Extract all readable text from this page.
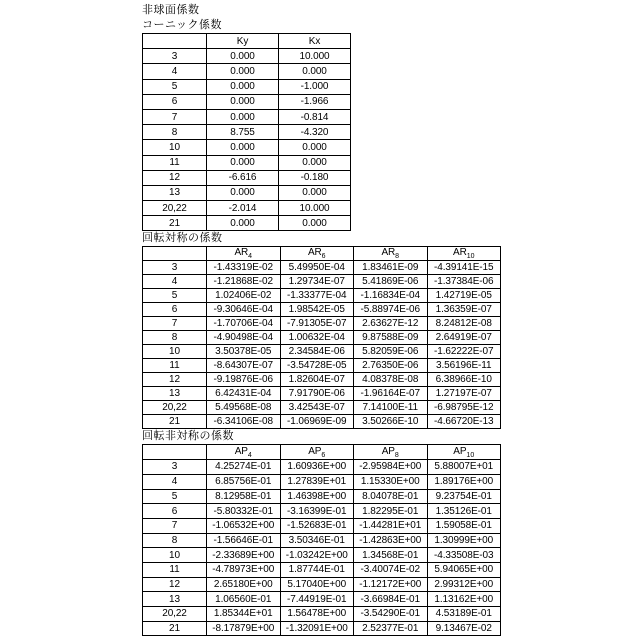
非球面係数
コーニック係数
	Ky	Kx
3	0.000	10.000
4	0.000	0.000
5	0.000	-1.000
6	0.000	-1.966
7	0.000	-0.814
8	8.755	-4.320
10	0.000	0.000
11	0.000	0.000
12	-6.616	-0.180
13	0.000	0.000
20,22	-2.014	10.000
21	0.000	0.000
回転対称の係数
	$AR_4$	$AR_6$	$AR_8$	$AR_{10}$
3	-1.43319E-02	5.49950E-04	1.83461E-09	-4.39141E-15
4	-1.21868E-02	1.29734E-07	5.41869E-06	-1.37384E-06
5	1.02406E-02	-1.33377E-04	-1.16834E-04	1.42719E-05
6	-9.30646E-04	1.98542E-05	-5.88974E-06	1.36359E-07
7	-1.70706E-04	-7.91305E-07	2.63627E-12	8.24812E-08
8	-4.90498E-04	1.00632E-04	9.87588E-09	2.64919E-07
10	3.50378E-05	2.34584E-06	5.82059E-06	-1.62222E-07
11	-8.64307E-07	-3.54728E-05	2.76350E-06	3.56196E-11
12	-9.19876E-06	1.82604E-07	4.08378E-08	6.38966E-10
13	6.42431E-04	7.91790E-06	-1.96164E-07	1.27197E-07
20,22	5.49568E-08	3.42543E-07	7.14100E-11	-6.98795E-12
21	-6.34106E-08	-1.06969E-09	3.50266E-10	-4.66720E-13
回転非対称の係数
	$AP_4$	$AP_6$	$AP_8$	$AP_{10}$
3	4.25274E-01	1.60936E+00	-2.95984E+00	5.88007E+01
4	6.85756E-01	1.27839E+01	1.15330E+00	1.89176E+00
5	8.12958E-01	1.46398E+00	8.04078E-01	9.23754E-01
6	-5.80332E-01	-3.16399E-01	1.82295E-01	1.35126E-01
7	-1.06532E+00	-1.52683E-01	-1.44281E+01	1.59058E-01
8	-1.56646E-01	3.50346E-01	-1.42863E+00	1.30999E+00
10	-2.33689E+00	-1.03242E+00	1.34568E-01	-4.33508E-03
11	-4.78973E+00	1.87744E-01	-3.40074E-02	5.94065E+00
12	2.65180E+00	5.17040E+00	-1.12172E+00	2.99312E+00
13	1.06560E-01	-7.44919E-01	-3.66984E-01	1.13162E+00
20,22	1.85344E+01	1.56478E+00	-3.54290E-01	4.53189E-01
21	-8.17879E+00	-1.32091E+00	2.52377E-01	9.13467E-02
